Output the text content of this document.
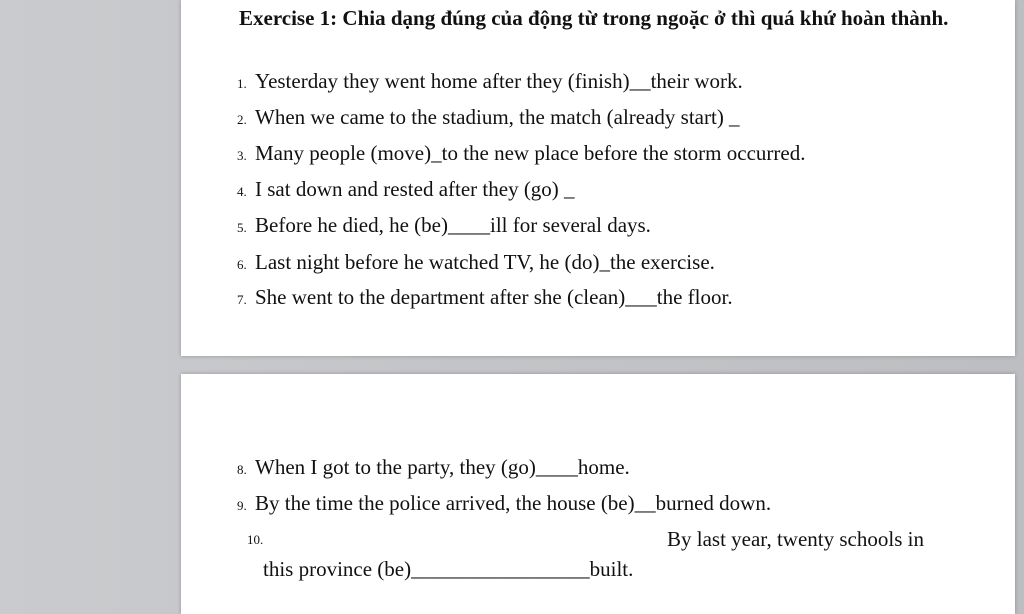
Exercise 1: Chia dạng đúng của động từ trong ngoặc ở thì quá khứ hoàn thành.
1. Yesterday they went home after they (finish)__their work.
2. When we came to the stadium, the match (already start) _
3. Many people (move)_to the new place before the storm occurred.
4. I sat down and rested after they (go) _
5. Before he died, he (be)____ill for several days.
6. Last night before he watched TV, he (do)_the exercise.
7. She went to the department after she (clean)___the floor.
8. When I got to the party, they (go)____home.
9. By the time the police arrived, the house (be)__burned down.
10.	By last year, twenty schools in
this province (be)_________________built.
